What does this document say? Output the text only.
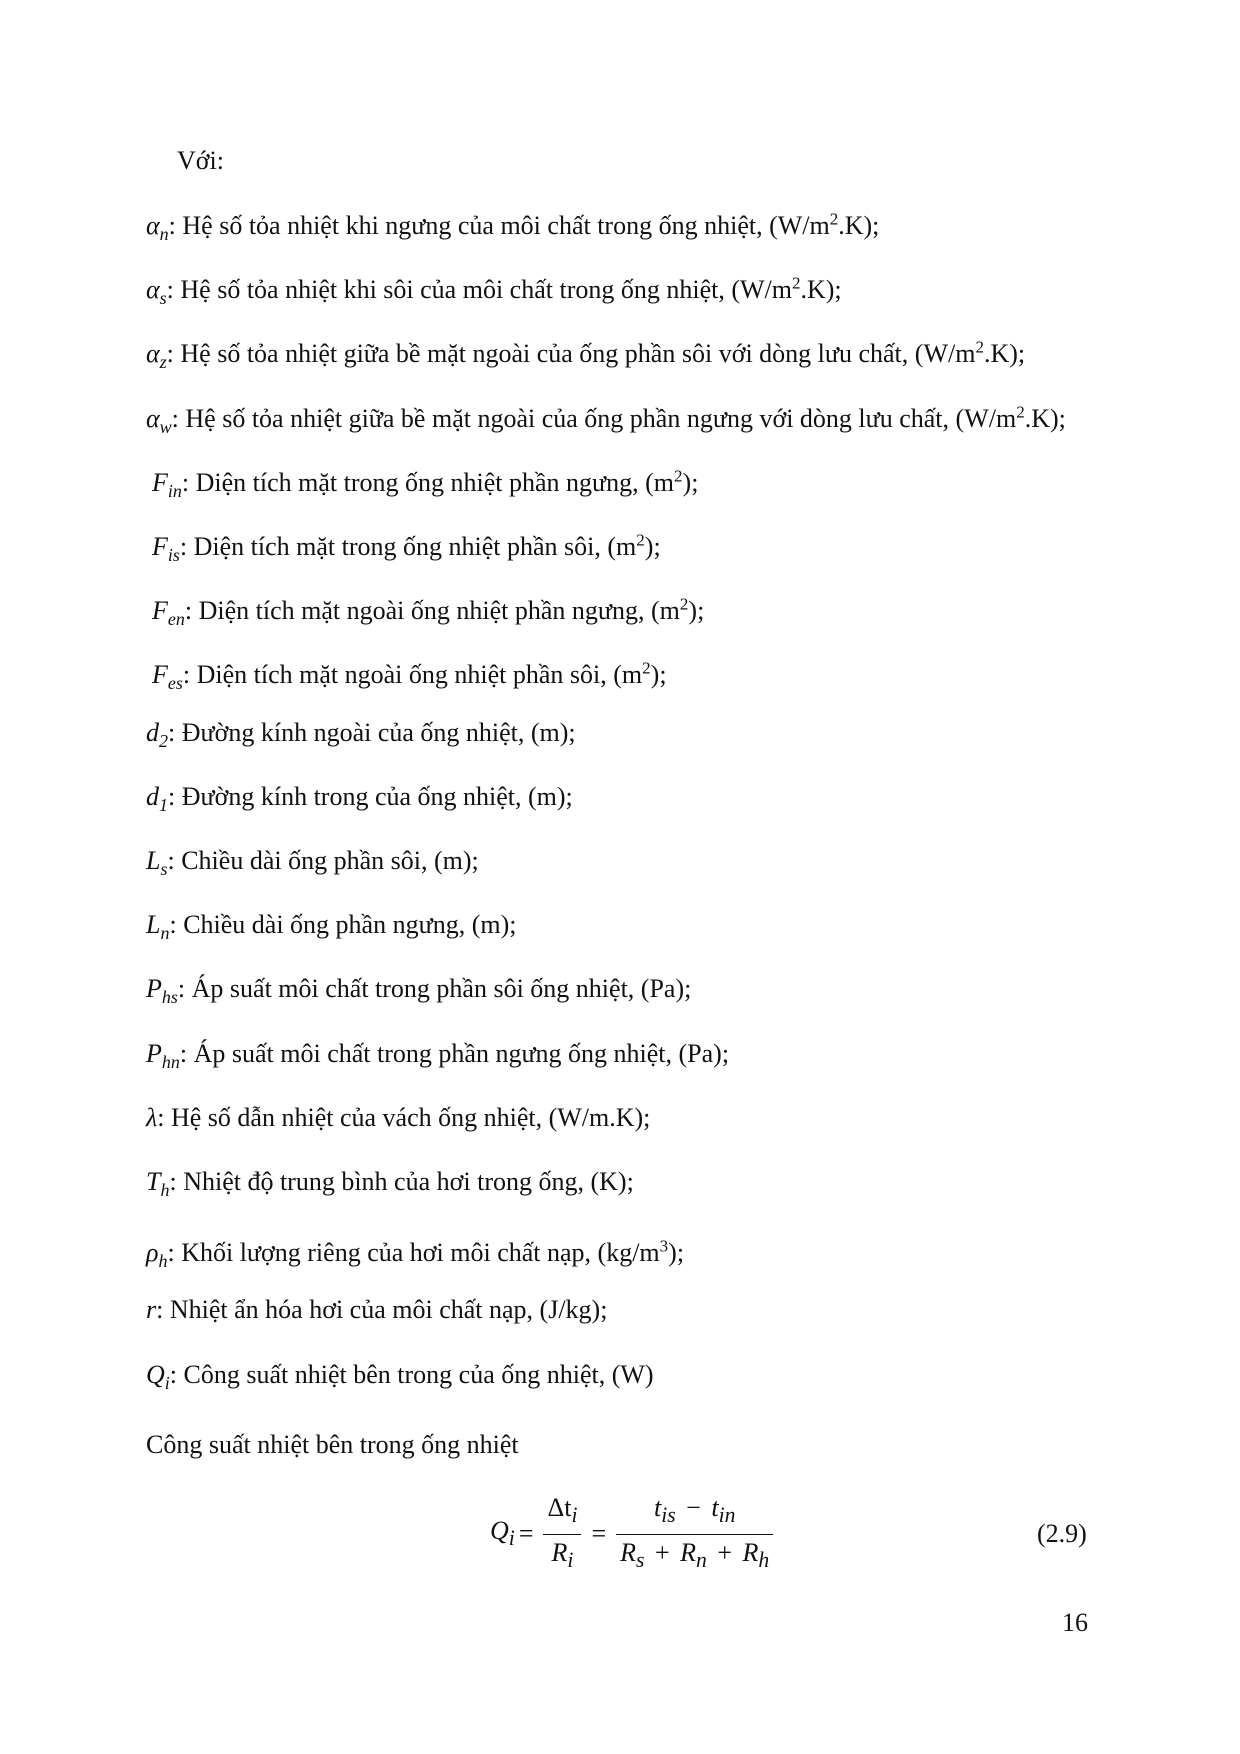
Với:
$\alpha_n$: Hệ số tỏa nhiệt khi ngưng của môi chất trong ống nhiệt, $(W/m^2.K)$;
$\alpha_s$: Hệ số tỏa nhiệt khi sôi của môi chất trong ống nhiệt, $(W/m^2.K)$;
$\alpha_z$: Hệ số tỏa nhiệt giữa bề mặt ngoài của ống phần sôi với dòng lưu chất, $(W/m^2.K)$;
$\alpha_w$: Hệ số tỏa nhiệt giữa bề mặt ngoài của ống phần ngưng với dòng lưu chất, $(W/m^2.K)$;
$F_{in}$: Diện tích mặt trong ống nhiệt phần ngưng, $(m^2)$;
$F_{is}$: Diện tích mặt trong ống nhiệt phần sôi, $(m^2)$;
$F_{en}$: Diện tích mặt ngoài ống nhiệt phần ngưng, $(m^2)$;
$F_{es}$: Diện tích mặt ngoài ống nhiệt phần sôi, $(m^2)$;
$d_2$: Đường kính ngoài của ống nhiệt, (m);
$d_1$: Đường kính trong của ống nhiệt, (m);
$L_s$: Chiều dài ống phần sôi, (m);
$L_n$: Chiều dài ống phần ngưng, (m);
$P_{hs}$: Áp suất môi chất trong phần sôi ống nhiệt, (Pa);
$P_{hn}$: Áp suất môi chất trong phần ngưng ống nhiệt, (Pa);
λ: Hệ số dẫn nhiệt của vách ống nhiệt, (W/m.K);
$T_h$: Nhiệt độ trung bình của hơi trong ống, (K);
$\rho_h$: Khối lượng riêng của hơi môi chất nạp, $(kg/m^3)$;
r: Nhiệt ẩn hóa hơi của môi chất nạp, (J/kg);
$Q_i$: Công suất nhiệt bên trong của ống nhiệt, (W)
Công suất nhiệt bên trong ống nhiệt
$Q_i = \frac{\Delta t_i}{R_i} = \frac{t_{is} - t_{in}}{R_s + R_n + R_h}$	(2.9)
16
